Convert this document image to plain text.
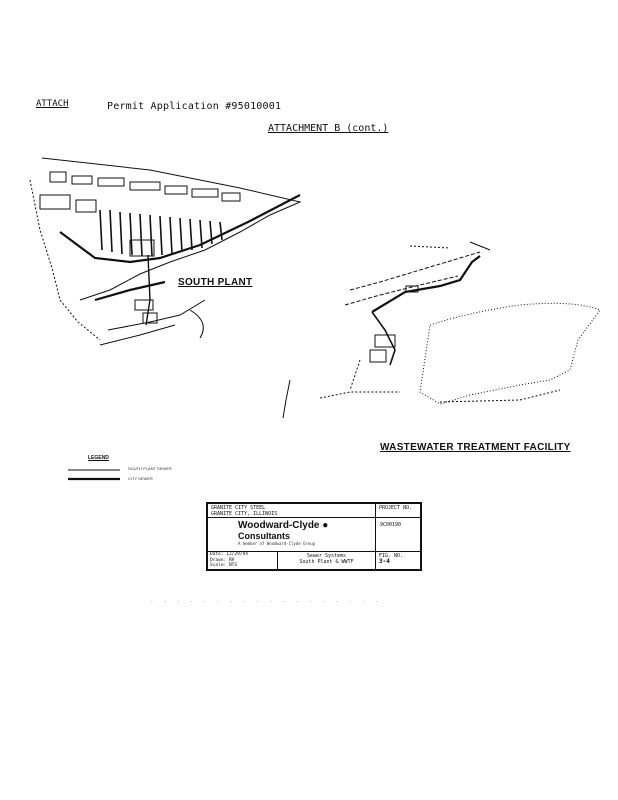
ATTACH	Permit Application #95010001
ATTACHMENT B (cont.)
SOUTH PLANT
WASTEWATER TREATMENT FACILITY
LEGEND
SOUTH PLANT SEWER
CITY SEWER
GRANITE CITY STEEL
GRANITE CITY, ILLINOIS
PROJECT NO.
Woodward-Clyde ●
Consultants
A member of Woodward-Clyde Group
9C00190
Date: 12/29/94
Drawn: RH
Scale: NTS
Sewer Systems
South Plant & WWTF
FIG. NO.
3-4
- - - - - - - - - - - - - - - - - -
